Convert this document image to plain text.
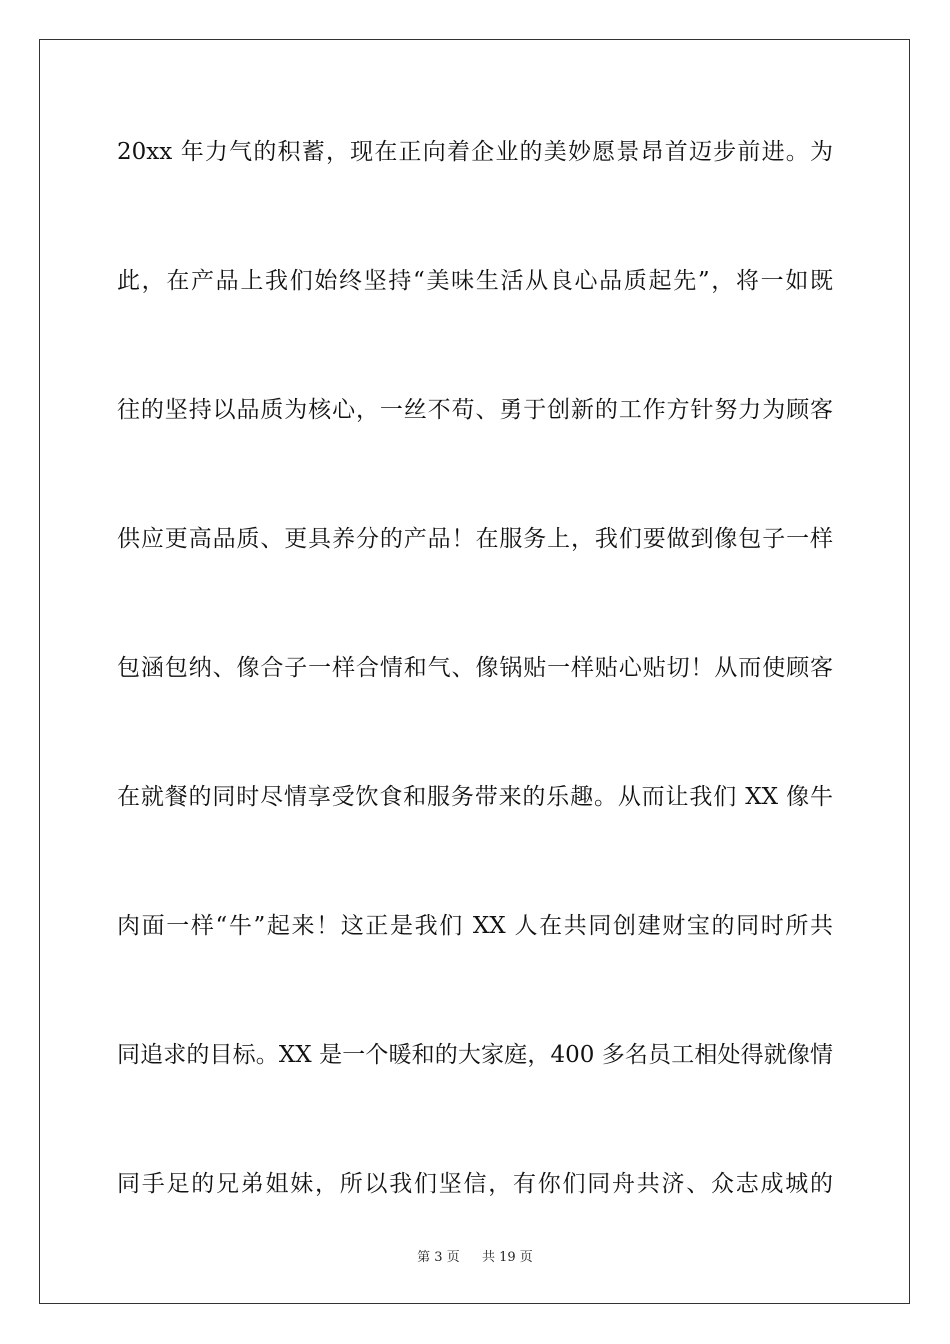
20xx 年力气的积蓄，现在正向着企业的美妙愿景昂首迈步前进。为
此，在产品上我们始终坚持“美味生活从良心品质起先”，将一如既
往的坚持以品质为核心，一丝不苟、勇于创新的工作方针努力为顾客
供应更高品质、更具养分的产品！在服务上，我们要做到像包子一样
包涵包纳、像合子一样合情和气、像锅贴一样贴心贴切！从而使顾客
在就餐的同时尽情享受饮食和服务带来的乐趣。从而让我们 XX 像牛
肉面一样“牛”起来！这正是我们 XX 人在共同创建财宝的同时所共
同追求的目标。XX 是一个暖和的大家庭，400 多名员工相处得就像情
同手足的兄弟姐妹，所以我们坚信，有你们同舟共济、众志成城的
第 3 页 共 19 页
